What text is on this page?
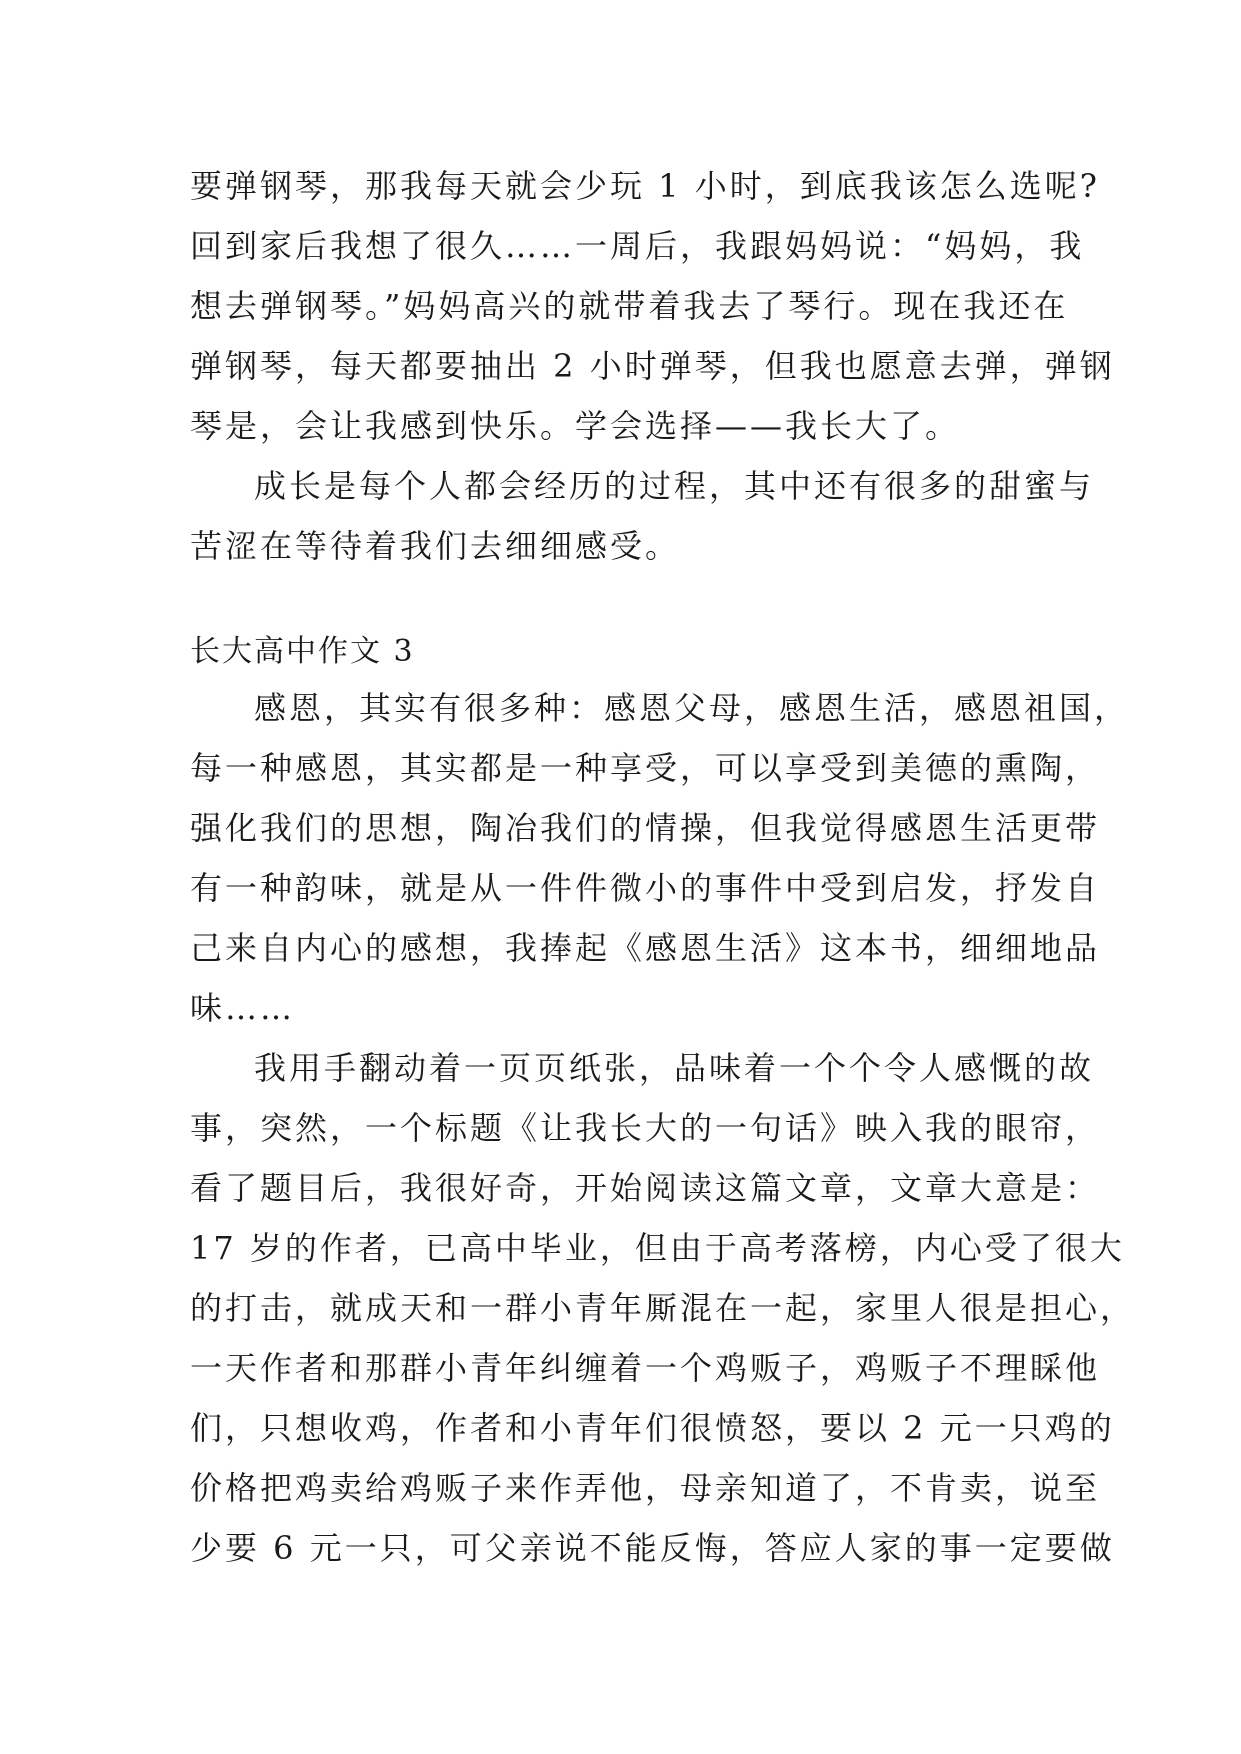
要弹钢琴，那我每天就会少玩 1 小时，到底我该怎么选呢?
回到家后我想了很久……一周后，我跟妈妈说：“妈妈，我
想去弹钢琴。”妈妈高兴的就带着我去了琴行。现在我还在
弹钢琴，每天都要抽出 2 小时弹琴，但我也愿意去弹，弹钢
琴是，会让我感到快乐。学会选择——我长大了。
成长是每个人都会经历的过程，其中还有很多的甜蜜与
苦涩在等待着我们去细细感受。
长大高中作文 3
感恩，其实有很多种：感恩父母，感恩生活，感恩祖国，
每一种感恩，其实都是一种享受，可以享受到美德的熏陶，
强化我们的思想，陶冶我们的情操，但我觉得感恩生活更带
有一种韵味，就是从一件件微小的事件中受到启发，抒发自
己来自内心的感想，我捧起《感恩生活》这本书，细细地品
味……
我用手翻动着一页页纸张，品味着一个个令人感慨的故
事，突然，一个标题《让我长大的一句话》映入我的眼帘，
看了题目后，我很好奇，开始阅读这篇文章，文章大意是：
17 岁的作者，已高中毕业，但由于高考落榜，内心受了很大
的打击，就成天和一群小青年厮混在一起，家里人很是担心，
一天作者和那群小青年纠缠着一个鸡贩子，鸡贩子不理睬他
们，只想收鸡，作者和小青年们很愤怒，要以 2 元一只鸡的
价格把鸡卖给鸡贩子来作弄他，母亲知道了，不肯卖，说至
少要 6 元一只，可父亲说不能反悔，答应人家的事一定要做
